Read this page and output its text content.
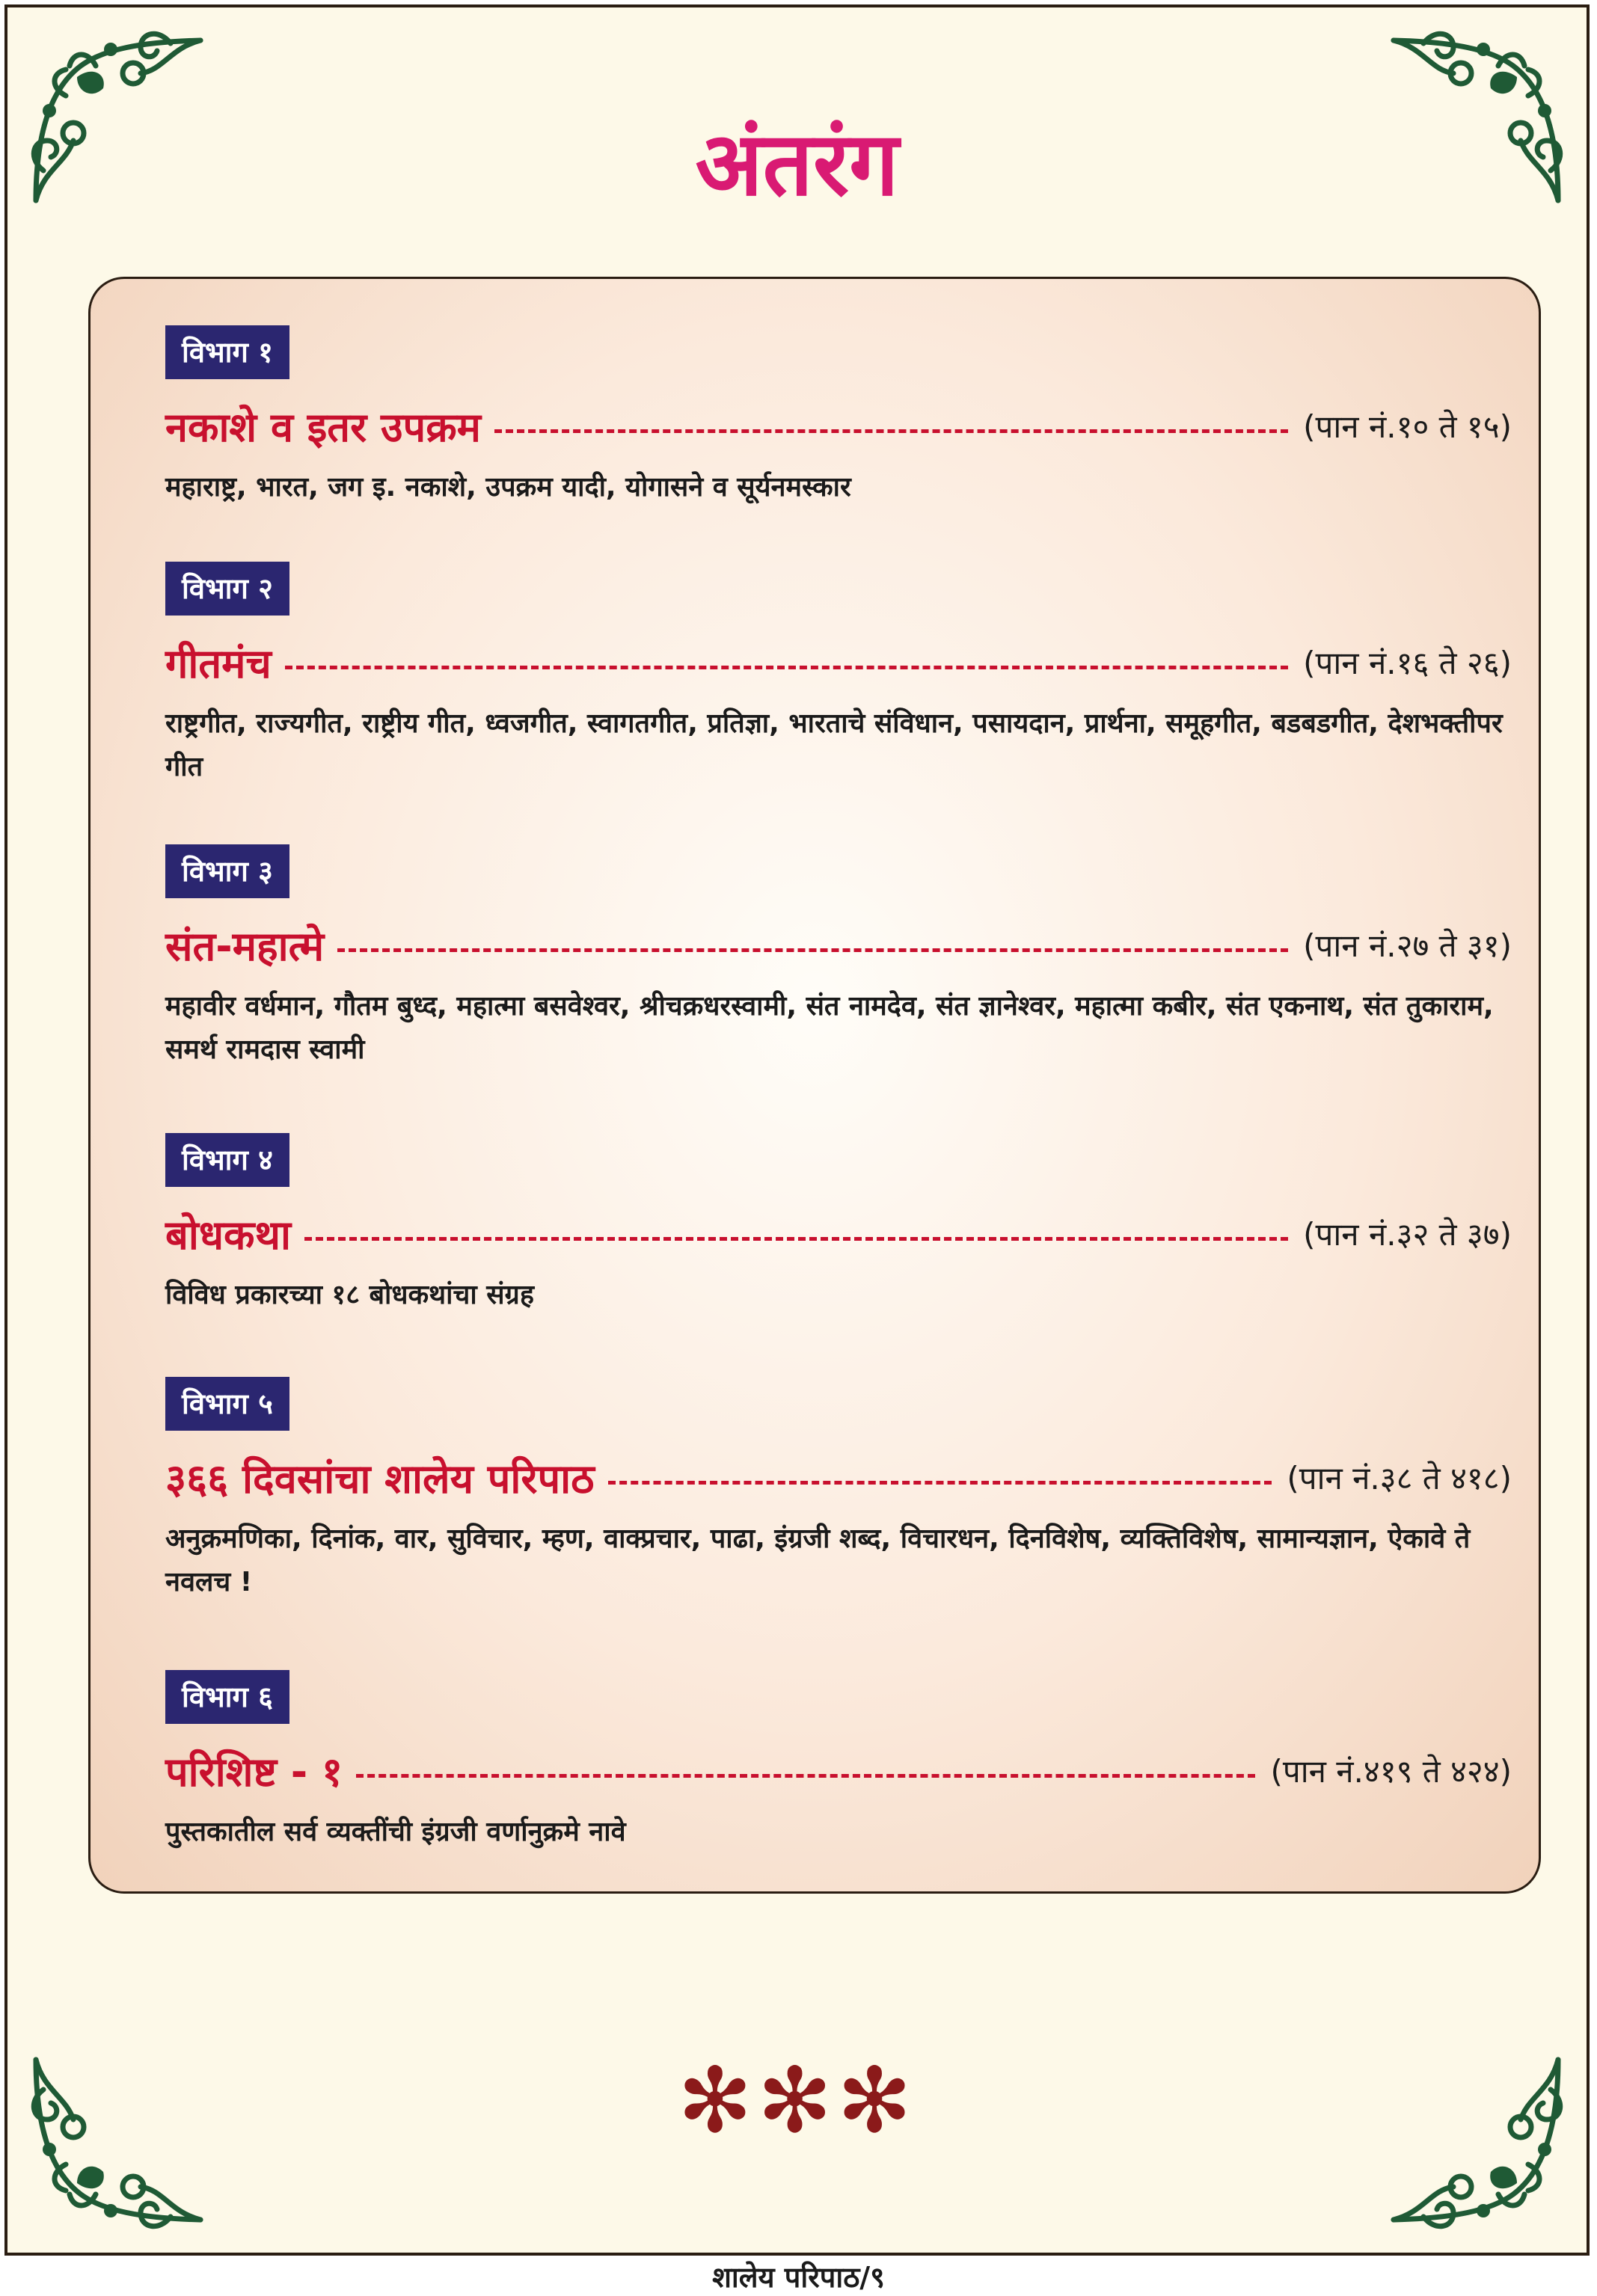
अंतरंग
विभाग १
नकाशे व इतर उपक्रम	(पान नं.१० ते १५)
महाराष्ट्र, भारत, जग इ. नकाशे, उपक्रम यादी, योगासने व सूर्यनमस्कार
विभाग २
गीतमंच	(पान नं.१६ ते २६)
राष्ट्रगीत, राज्यगीत, राष्ट्रीय गीत, ध्वजगीत, स्वागतगीत, प्रतिज्ञा, भारताचे संविधान, पसायदान, प्रार्थना, समूहगीत, बडबडगीत, देशभक्तीपर गीत
विभाग ३
संत-महात्मे	(पान नं.२७ ते ३१)
महावीर वर्धमान, गौतम बुध्द, महात्मा बसवेश्वर, श्रीचक्रधरस्वामी, संत नामदेव, संत ज्ञानेश्वर, महात्मा कबीर, संत एकनाथ, संत तुकाराम, समर्थ रामदास स्वामी
विभाग ४
बोधकथा	(पान नं.३२ ते ३७)
विविध प्रकारच्या १८ बोधकथांचा संग्रह
विभाग ५
३६६ दिवसांचा शालेय परिपाठ	(पान नं.३८ ते ४१८)
अनुक्रमणिका, दिनांक, वार, सुविचार, म्हण, वाक्प्रचार, पाढा, इंग्रजी शब्द, विचारधन, दिनविशेष, व्यक्तिविशेष, सामान्यज्ञान, ऐकावे ते नवलच !
विभाग ६
परिशिष्ट - १	(पान नं.४१९ ते ४२४)
पुस्तकातील सर्व व्यक्तींची इंग्रजी वर्णानुक्रमे नावे
✻✻✻
शालेय परिपाठ/९
